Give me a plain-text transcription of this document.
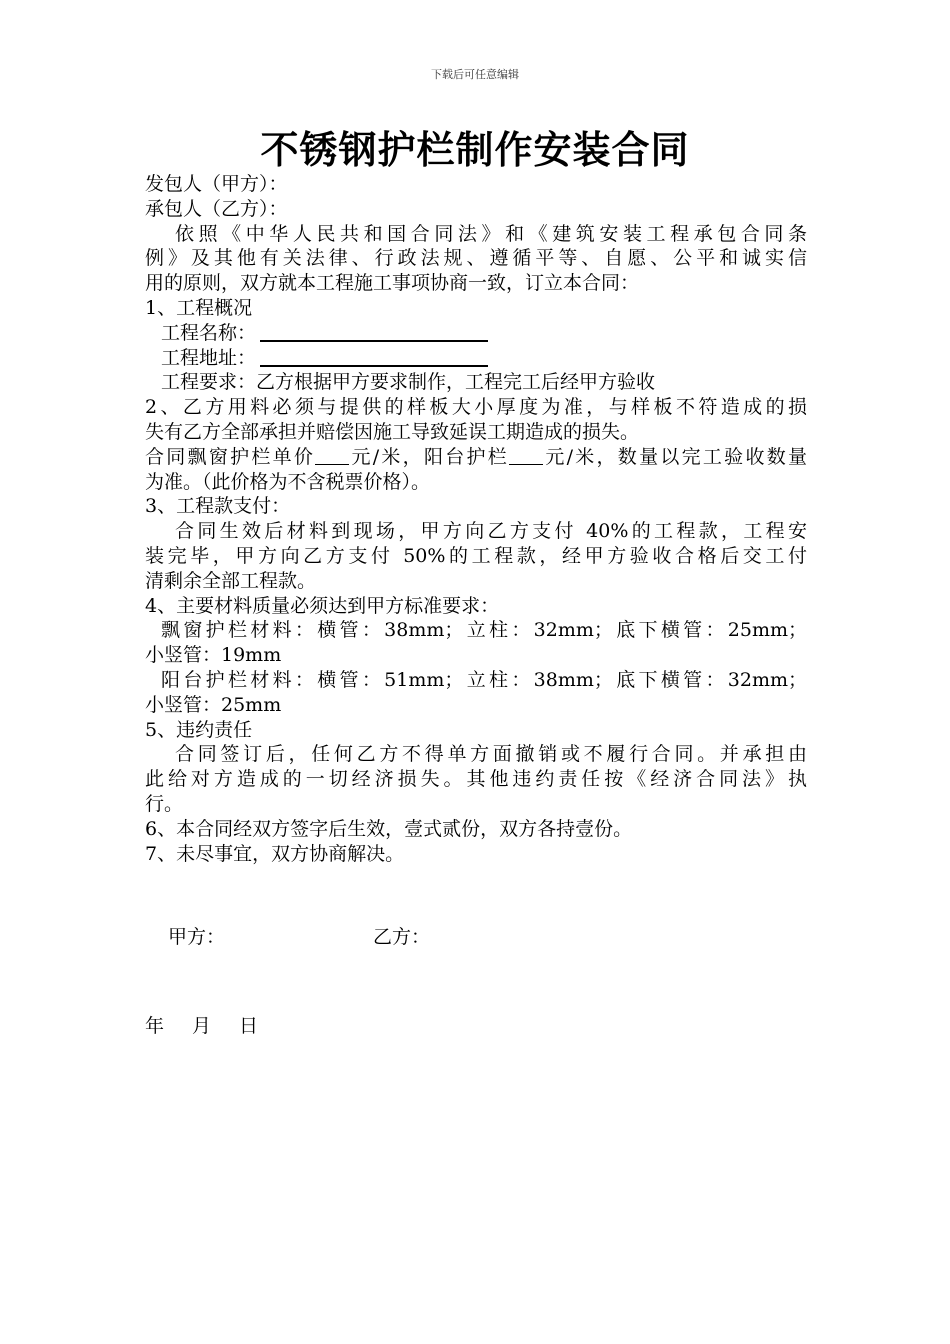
下载后可任意编辑
不锈钢护栏制作安装合同
发包人（甲方）：
承包人（乙方）：
依照《中华人民共和国合同法》和《建筑安装工程承包合同条
例》及其他有关法律、行政法规、遵循平等、自愿、公平和诚实信
用的原则，双方就本工程施工事项协商一致，订立本合同：
1、工程概况
工程名称：
工程地址：
工程要求：乙方根据甲方要求制作，工程完工后经甲方验收
2、乙方用料必须与提供的样板大小厚度为准，与样板不符造成的损
失有乙方全部承担并赔偿因施工导致延误工期造成的损失。
合同飘窗护栏单价 元/米，阳台护栏 元/米，数量以完工验收数量
为准。（此价格为不含税票价格）。
3、工程款支付：
合同生效后材料到现场，甲方向乙方支付 40%的工程款，工程安
装完毕，甲方向乙方支付 50%的工程款，经甲方验收合格后交工付
清剩余全部工程款。
4、主要材料质量必须达到甲方标准要求：
飘窗护栏材料：横管：38mm；立柱：32mm；底下横管：25mm；
小竖管：19mm
阳台护栏材料：横管：51mm；立柱：38mm；底下横管：32mm；
小竖管：25mm
5、违约责任
合同签订后，任何乙方不得单方面撤销或不履行合同。并承担由
此给对方造成的一切经济损失。其他违约责任按《经济合同法》执
行。
6、本合同经双方签字后生效，壹式贰份，双方各持壹份。
7、未尽事宜，双方协商解决。
甲方：	乙方：
年 月 日
